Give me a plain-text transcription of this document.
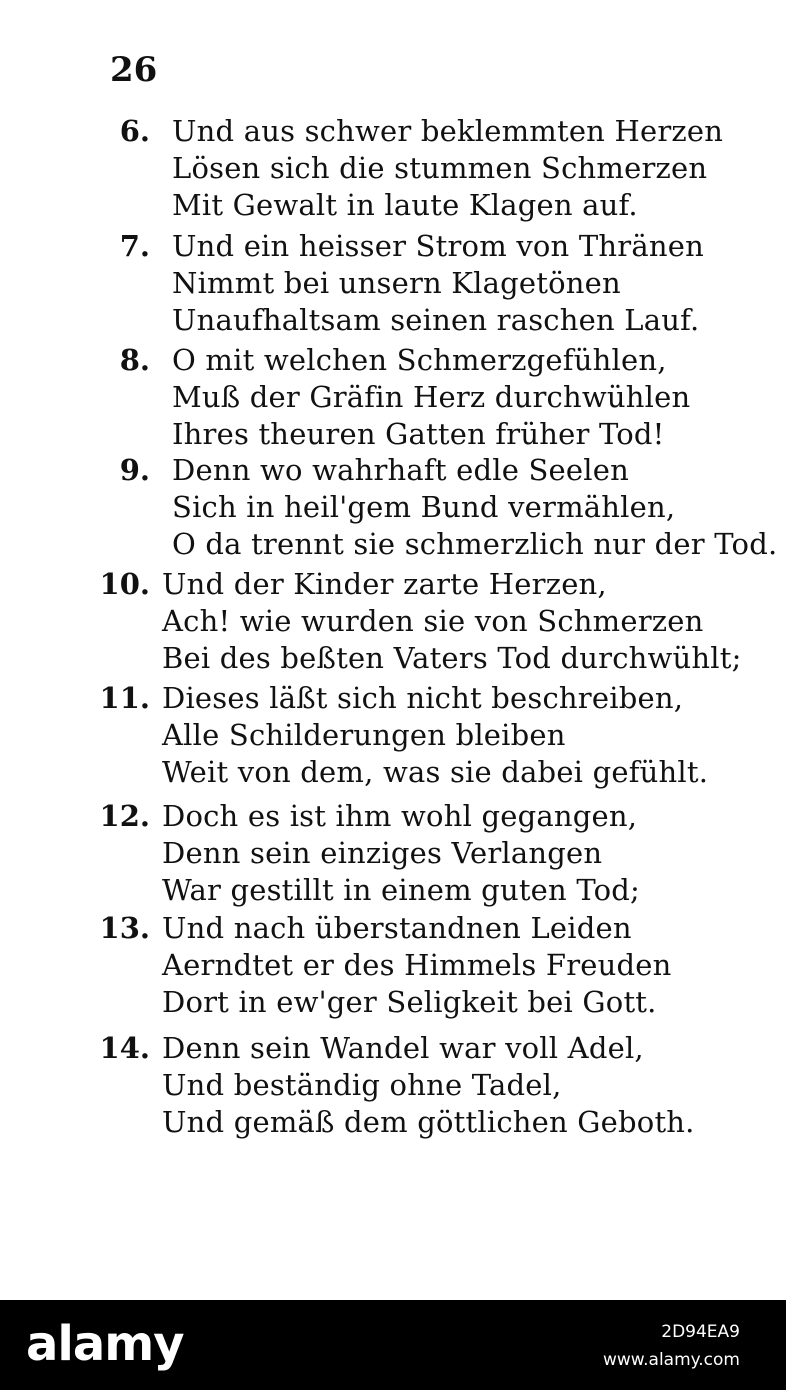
26
6. Und aus schwer beklemmten Herzen
Lösen sich die stummen Schmerzen
Mit Gewalt in laute Klagen auf.
7. Und ein heisser Strom von Thränen
Nimmt bei unsern Klagetönen
Unaufhaltsam seinen raschen Lauf.
8. O mit welchen Schmerzgefühlen,
Muß der Gräfin Herz durchwühlen
Ihres theuren Gatten früher Tod!
9. Denn wo wahrhaft edle Seelen
Sich in heil'gem Bund vermählen,
O da trennt sie schmerzlich nur der Tod.
10. Und der Kinder zarte Herzen,
Ach! wie wurden sie von Schmerzen
Bei des beßten Vaters Tod durchwühlt;
11. Dieses läßt sich nicht beschreiben,
Alle Schilderungen bleiben
Weit von dem, was sie dabei gefühlt.
12. Doch es ist ihm wohl gegangen,
Denn sein einziges Verlangen
War gestillt in einem guten Tod;
13. Und nach überstandnen Leiden
Aerndtet er des Himmels Freuden
Dort in ew'ger Seligkeit bei Gott.
14. Denn sein Wandel war voll Adel,
Und beständig ohne Tadel,
Und gemäß dem göttlichen Geboth.
alamy	2D94EA9
www.alamy.com
